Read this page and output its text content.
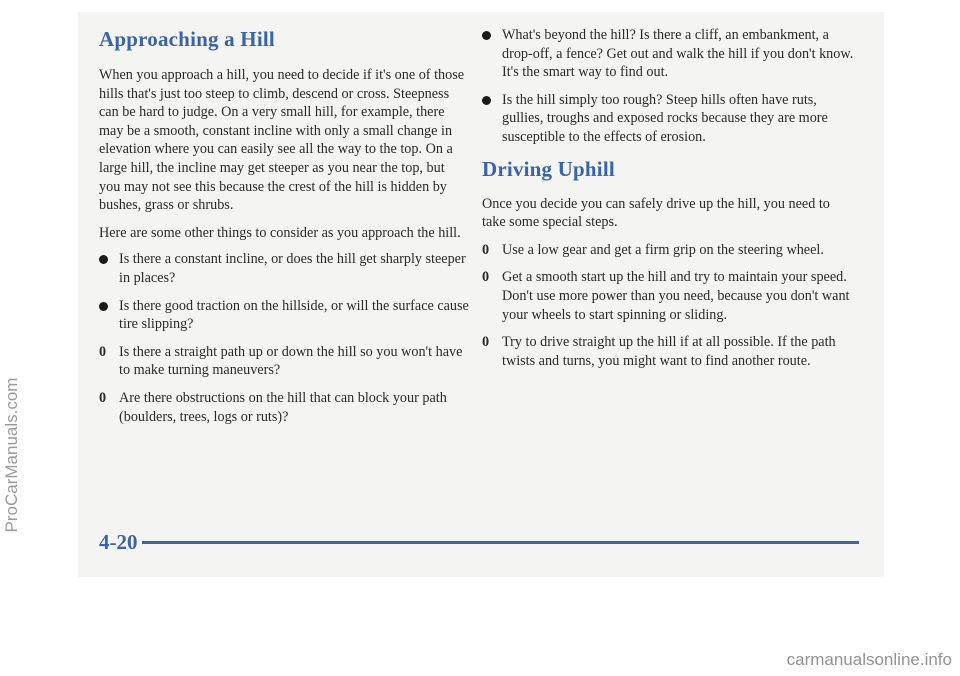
Approaching a Hill

When you approach a hill, you need to decide if it's one of those hills that's just too steep to climb, descend or cross. Steepness can be hard to judge. On a very small hill, for example, there may be a smooth, constant incline with only a small change in elevation where you can easily see all the way to the top. On a large hill, the incline may get steeper as you near the top, but you may not see this because the crest of the hill is hidden by bushes, grass or shrubs.

Here are some other things to consider as you approach the hill.

Is there a constant incline, or does the hill get sharply steeper in places?
Is there good traction on the hillside, or will the surface cause tire slipping?
0 Is there a straight path up or down the hill so you won't have to make turning maneuvers?
0 Are there obstructions on the hill that can block your path (boulders, trees, logs or ruts)?
What's beyond the hill? Is there a cliff, an embankment, a drop-off, a fence? Get out and walk the hill if you don't know. It's the smart way to find out.
Is the hill simply too rough? Steep hills often have ruts, gullies, troughs and exposed rocks because they are more susceptible to the effects of erosion.
Driving Uphill

Once you decide you can safely drive up the hill, you need to take some special steps.

0 Use a low gear and get a firm grip on the steering wheel.
0 Get a smooth start up the hill and try to maintain your speed. Don't use more power than you need, because you don't want your wheels to start spinning or sliding.
0 Try to drive straight up the hill if at all possible. If the path twists and turns, you might want to find another route.
4-20
ProCarManuals.com
carmanualsonline.info
